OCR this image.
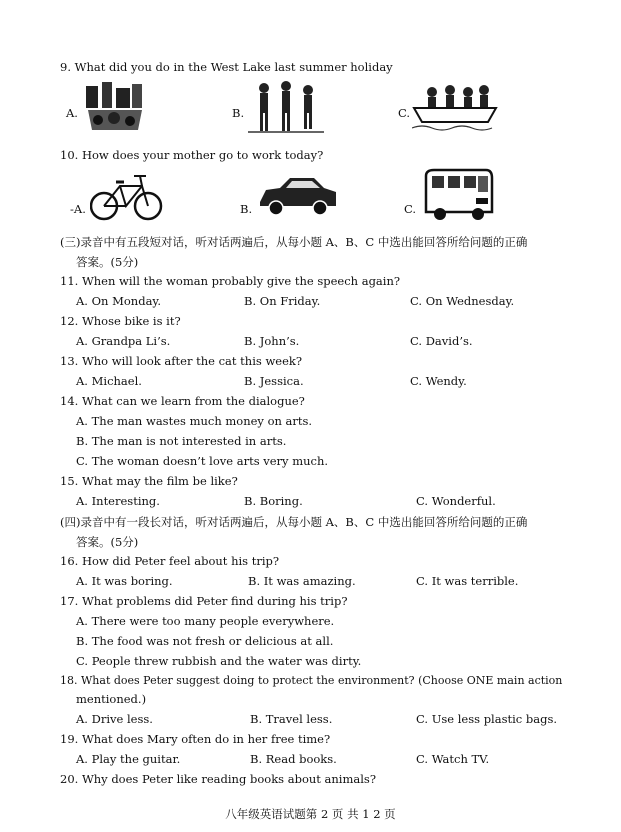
9. What did you do in the West Lake last summer holiday
A.	B.	C.
10. How does your mother go to work today?
-A.	B.	C.
(三)录音中有五段短对话，听对话两遍后，从每小题 A、B、C 中选出能回答所给问题的正确
答案。(5分)
11. When will the woman probably give the speech again?
A. On Monday.	B. On Friday.	C. On Wednesday.
12. Whose bike is it?
A. Grandpa Li’s.	B. John’s.	C. David’s.
13. Who will look after the cat this week?
A. Michael.	B. Jessica.	C. Wendy.
14. What can we learn from the dialogue?
A. The man wastes much money on arts.
B. The man is not interested in arts.
C. The woman doesn’t love arts very much.
15. What may the film be like?
A. Interesting.	B. Boring.	C. Wonderful.
(四)录音中有一段长对话，听对话两遍后，从每小题 A、B、C 中选出能回答所给问题的正确
答案。(5分)
16. How did Peter feel about his trip?
A. It was boring.	B. It was amazing.	C. It was terrible.
17. What problems did Peter find during his trip?
A. There were too many people everywhere.
B. The food was not fresh or delicious at all.
C. People threw rubbish and the water was dirty.
18. What does Peter suggest doing to protect the environment? (Choose ONE main action
mentioned.)
A. Drive less.	B. Travel less.	C. Use less plastic bags.
19. What does Mary often do in her free time?
A. Play the guitar.	B. Read books.	C. Watch TV.
20. Why does Peter like reading books about animals?
八年级英语试题第 2 页 共 1 2 页
